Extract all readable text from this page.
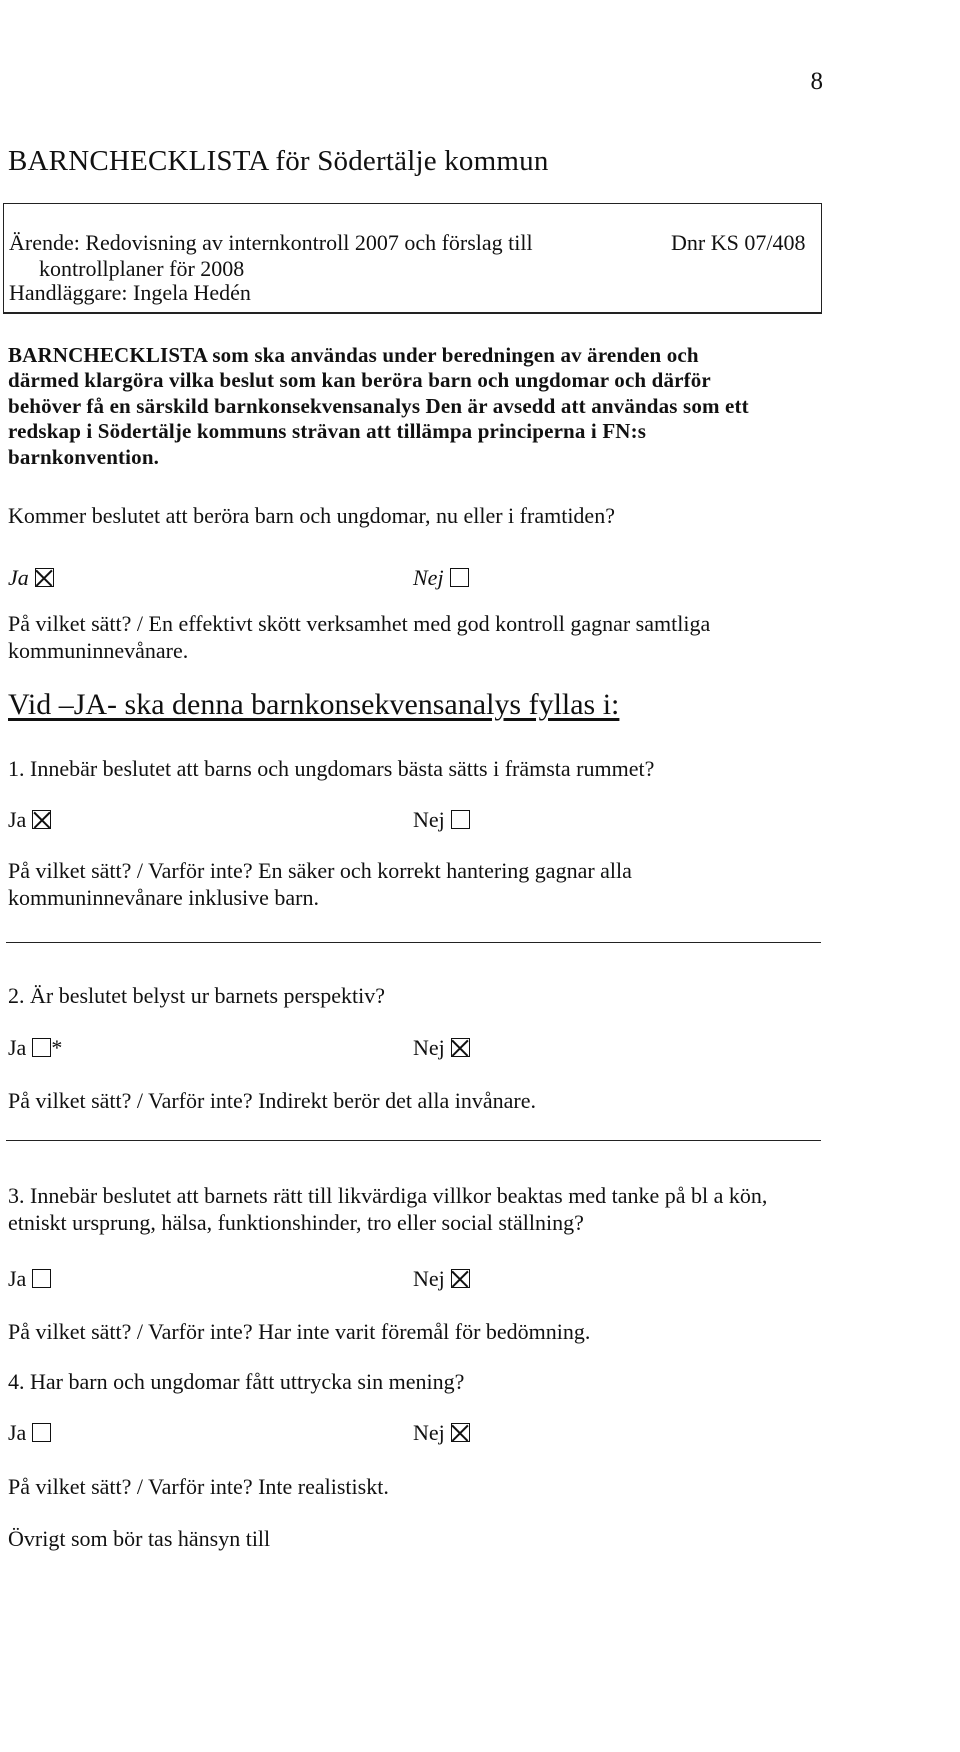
8
BARNCHECKLISTA för Södertälje kommun
Ärende: Redovisning av internkontroll 2007 och förslag till
kontrollplaner för 2008
Dnr KS 07/408
Handläggare: Ingela Hedén
BARNCHECKLISTA som ska användas under beredningen av ärenden och
därmed klargöra vilka beslut som kan beröra barn och ungdomar och därför
behöver få en särskild barnkonsekvensanalys Den är avsedd att användas som ett
redskap i Södertälje kommuns strävan att tillämpa principerna i FN:s
barnkonvention.
Kommer beslutet att beröra barn och ungdomar, nu eller i framtiden?
Ja	Nej
På vilket sätt? / En effektivt skött verksamhet med god kontroll gagnar samtliga
kommuninnevånare.
Vid –JA- ska denna barnkonsekvensanalys fyllas i:
1. Innebär beslutet att barns och ungdomars bästa sätts i främsta rummet?
Ja	Nej
På vilket sätt? / Varför inte? En säker och korrekt hantering gagnar alla
kommuninnevånare inklusive barn.
2. Är beslutet belyst ur barnets perspektiv?
Ja *	Nej
På vilket sätt? / Varför inte? Indirekt berör det alla invånare.
3. Innebär beslutet att barnets rätt till likvärdiga villkor beaktas med tanke på bl a kön,
etniskt ursprung, hälsa, funktionshinder, tro eller social ställning?
Ja	Nej
På vilket sätt? / Varför inte? Har inte varit föremål för bedömning.
4. Har barn och ungdomar fått uttrycka sin mening?
Ja	Nej
På vilket sätt? / Varför inte? Inte realistiskt.
Övrigt som bör tas hänsyn till
